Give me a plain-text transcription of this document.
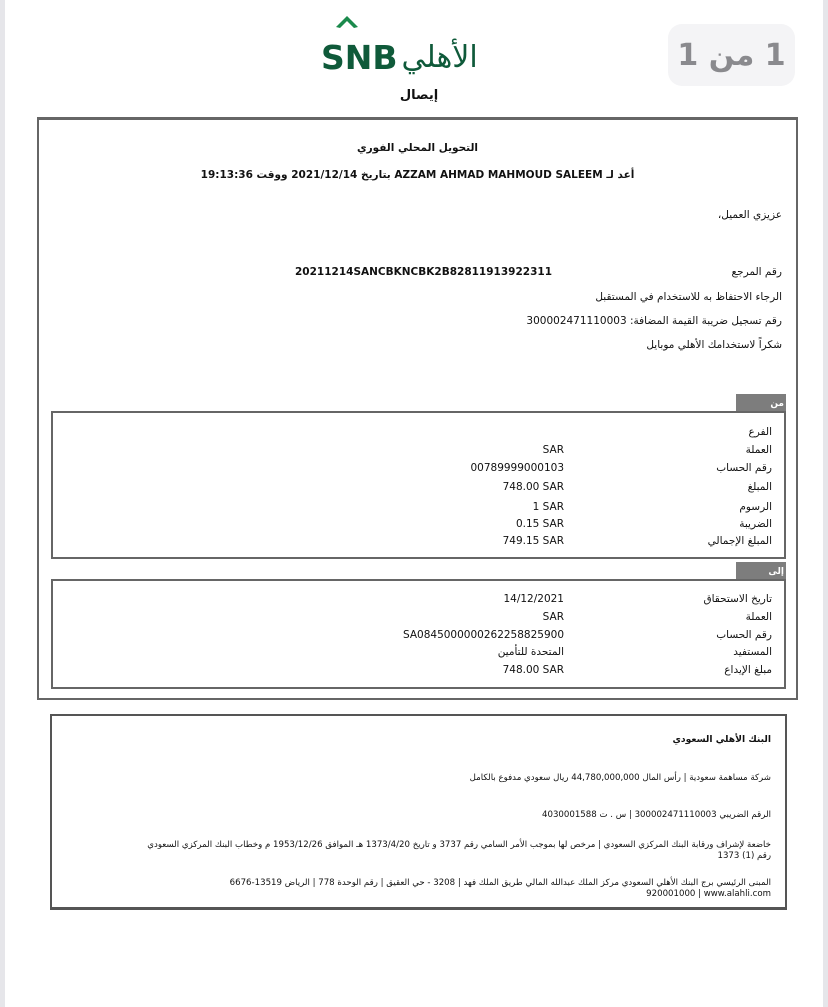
1 من 1
SNB الأهلي
إيصال
التحويل المحلي الفوري
أعد لـ AZZAM AHMAD MAHMOUD SALEEM بتاريخ 2021/12/14 ووقت 19:13:36
عزيزي العميل،
رقم المرجع
20211214SANCBKNCBK2B82811913922311
الرجاء الاحتفاظ به للاستخدام في المستقبل
رقم تسجيل ضريبة القيمة المضافة: 300002471110003
شكراً لاستخدامك الأهلي موبايل
من
الفرع
العملة
SAR
رقم الحساب
00789999000103
المبلغ
748.00 SAR
الرسوم
1 SAR
الضريبة
0.15 SAR
المبلغ الإجمالي
749.15 SAR
إلى
تاريخ الاستحقاق
14/12/2021
العملة
SAR
رقم الحساب
SA0845000000262258825900
المستفيد
المتحدة للتأمين
مبلغ الإيداع
748.00 SAR
البنك الأهلي السعودي
شركة مساهمة سعودية | رأس المال 44,780,000,000 ريال سعودي مدفوع بالكامل
الرقم الضريبي 300002471110003 | س . ت 4030001588
خاضعة لإشراف ورقابة البنك المركزي السعودي | مرخص لها بموجب الأمر السامي رقم 3737 و تاريخ 1373/4/20 هـ الموافق 1953/12/26 م وخطاب البنك المركزي السعودي
رقم (1) 1373
المبنى الرئيسي برج البنك الأهلي السعودي مركز الملك عبدالله المالي طريق الملك فهد | 3208 - حي العقيق | رقم الوحدة 778 | الرياض 13519-6676
920001000 | www.alahli.com
